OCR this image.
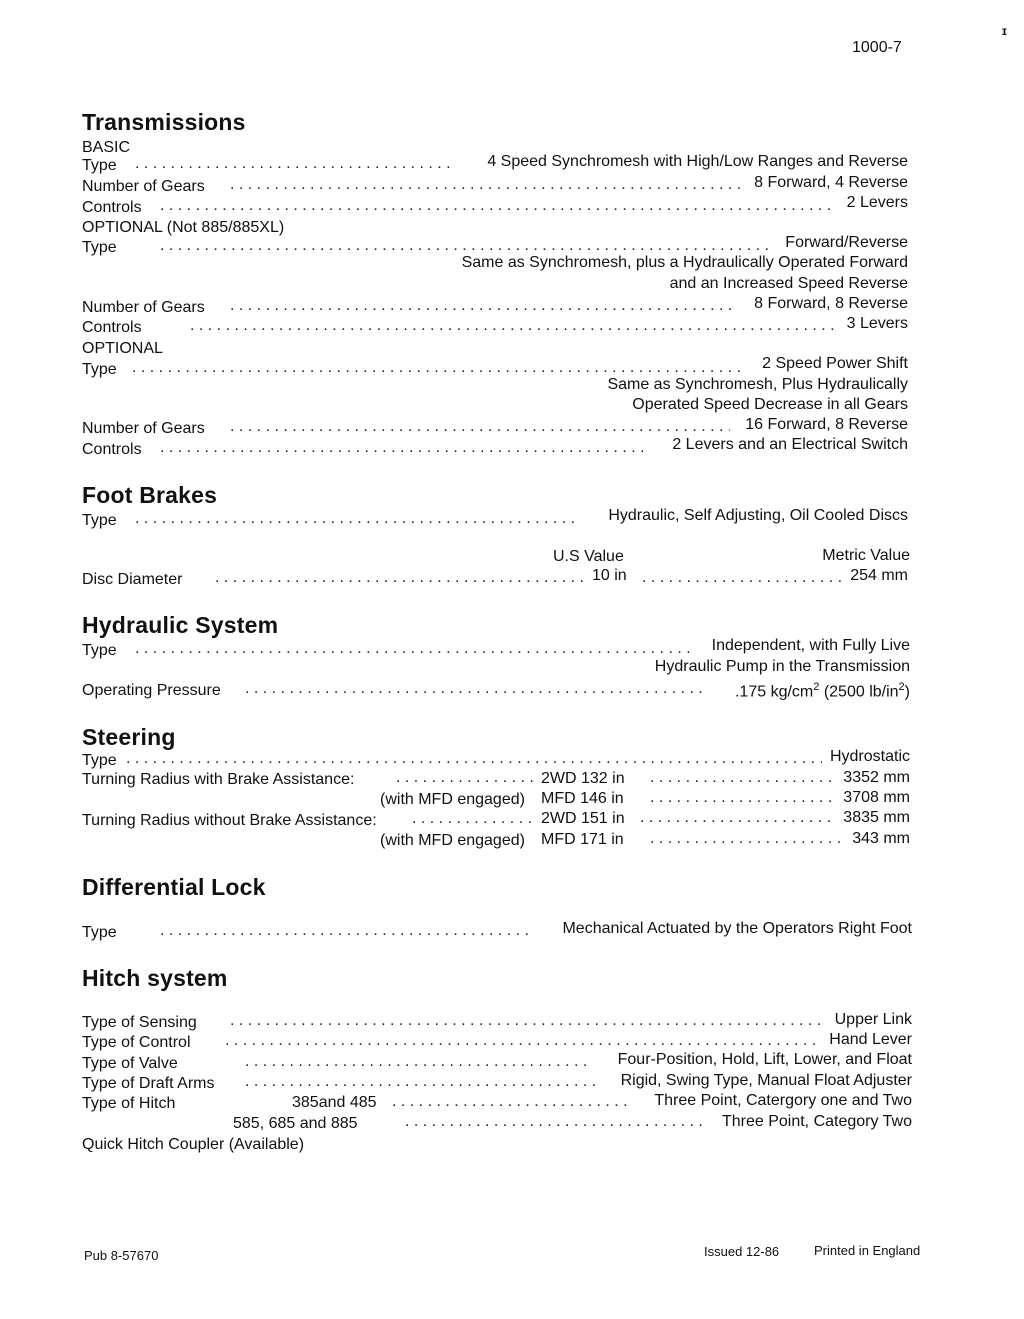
ɪ
1000-7
Transmissions
BASIC
Type . . .	4 Speed Synchromesh with High/Low Ranges and Reverse
Number of Gears . . .	8 Forward, 4 Reverse
Controls . . .	2 Levers
OPTIONAL (Not 885/885XL)
Type . . .	Forward/Reverse
Same as Synchromesh, plus a Hydraulically Operated Forward
and an Increased Speed Reverse
Number of Gears . . .	8 Forward, 8 Reverse
Controls . . .	3 Levers
OPTIONAL
Type . . .	2 Speed Power Shift
Same as Synchromesh, Plus Hydraulically
Operated Speed Decrease in all Gears
Number of Gears . . .	16 Forward, 8 Reverse
Controls . . .	2 Levers and an Electrical Switch
Foot Brakes
Type . . .	Hydraulic, Self Adjusting, Oil Cooled Discs
U.S Value	Metric Value
Disc Diameter . . .	10 in . . .	254 mm
Hydraulic System
Type . . .	Independent, with Fully Live
Hydraulic Pump in the Transmission
Operating Pressure . . .	.175 $kg/cm^2$ (2500 $lb/in^2$)
Steering
Type . . .	Hydrostatic
Turning Radius with Brake Assistance: . . .	2WD 132 in . . .	3352 mm
(with MFD engaged) MFD 146 in . . .	3708 mm
Turning Radius without Brake Assistance: . . .	2WD 151 in . . .	3835 mm
(with MFD engaged) MFD 171 in . . .	343 mm
Differential Lock
Type . . .	Mechanical Actuated by the Operators Right Foot
Hitch system
Type of Sensing . . .	Upper Link
Type of Control . . .	Hand Lever
Type of Valve . . .	Four-Position, Hold, Lift, Lower, and Float
Type of Draft Arms . . .	Rigid, Swing Type, Manual Float Adjuster
Type of Hitch	385and 485 . . .	Three Point, Catergory one and Two
585, 685 and 885 . . .	Three Point, Category Two
Quick Hitch Coupler (Available)
Pub 8-57670	Issued 12-86	Printed in England
